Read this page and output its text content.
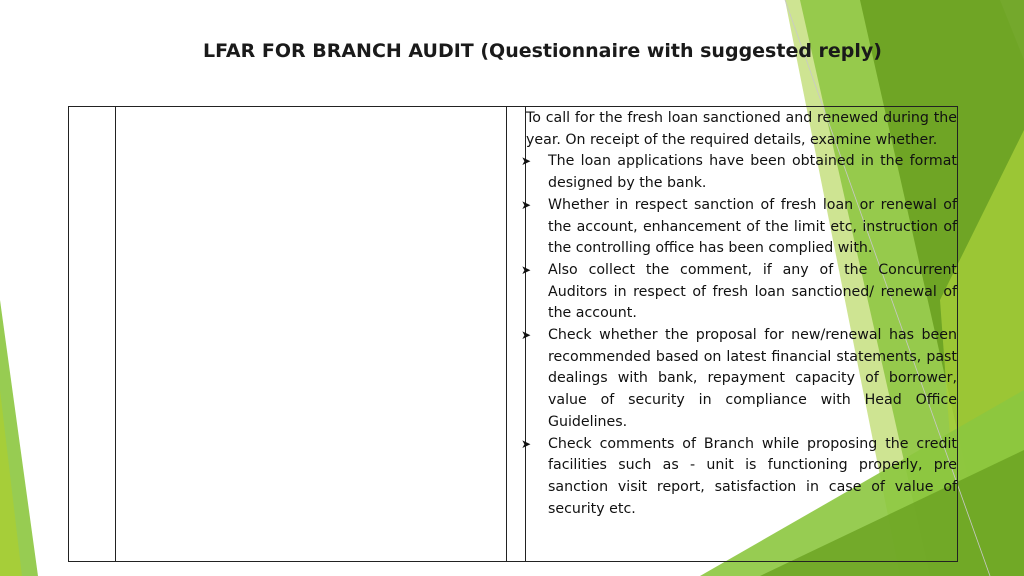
LFAR FOR BRANCH AUDIT (Questionnaire with suggested reply)

To call for the fresh loan sanctioned and renewed during the year. On receipt of the required details, examine whether.
➤ The loan applications have been obtained in the format designed by the bank.
➤ Whether in respect sanction of fresh loan or renewal of the account, enhancement of the limit etc, instruction of the controlling office has been complied with.
➤ Also collect the comment, if any of the Concurrent Auditors in respect of fresh loan sanctioned/ renewal of the account.
➤ Check whether the proposal for new/renewal has been recommended based on latest financial statements, past dealings with bank, repayment capacity of borrower, value of security in compliance with Head Office Guidelines.
➤ Check comments of Branch while proposing the credit facilities such as - unit is functioning properly, pre sanction visit report, satisfaction in case of value of security etc.
